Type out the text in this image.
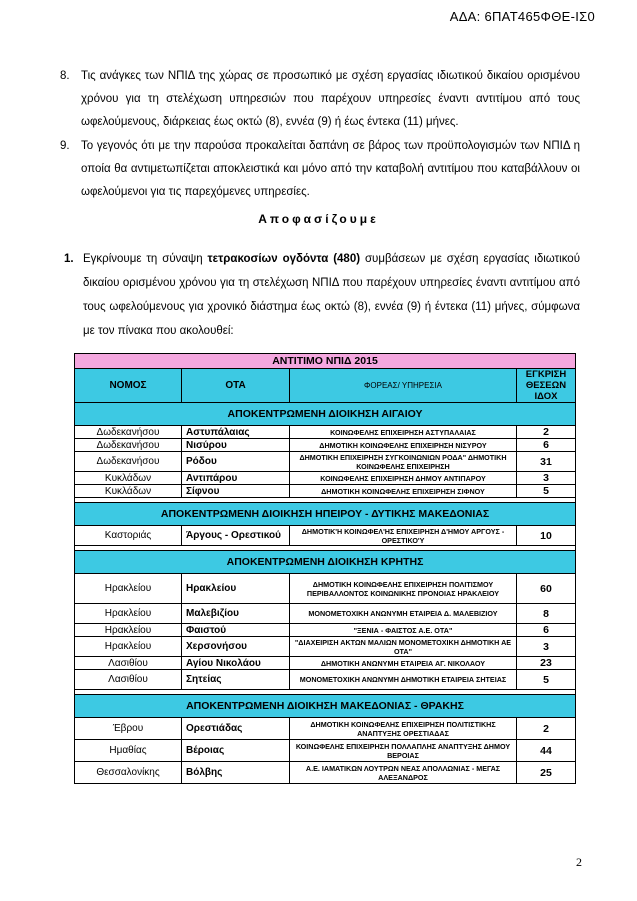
ΑΔΑ: 6ΠΑΤ465ΦΘΕ-ΙΣ0
8. Τις ανάγκες των ΝΠΙΔ της χώρας σε προσωπικό με σχέση εργασίας ιδιωτικού δικαίου ορισμένου χρόνου για τη στελέχωση υπηρεσιών που παρέχουν υπηρεσίες έναντι αντιτίμου από τους ωφελούμενους, διάρκειας έως οκτώ (8), εννέα (9) ή έως έντεκα (11) μήνες.
9. Το γεγονός ότι με την παρούσα προκαλείται δαπάνη σε βάρος των προϋπολογισμών των ΝΠΙΔ η οποία θα αντιμετωπίζεται αποκλειστικά και μόνο από την καταβολή αντιτίμου που καταβάλλουν οι ωφελούμενοι για τις παρεχόμενες υπηρεσίες.
Αποφασίζουμε
1. Εγκρίνουμε τη σύναψη τετρακοσίων ογδόντα (480) συμβάσεων με σχέση εργασίας ιδιωτικού δικαίου ορισμένου χρόνου για τη στελέχωση ΝΠΙΔ που παρέχουν υπηρεσίες έναντι αντιτίμου από τους ωφελούμενους για χρονικό διάστημα έως οκτώ (8), εννέα (9) ή έντεκα (11) μήνες, σύμφωνα με τον πίνακα που ακολουθεί:
ΑΝΤΙΤΙΜΟ ΝΠΙΔ 2015			
ΝΟΜΟΣ	ΟΤΑ	ΦΟΡΕΑΣ/ ΥΠΗΡΕΣΙΑ	ΕΓΚΡΙΣΗ ΘΕΣΕΩΝ ΙΔΟΧ
ΑΠΟΚΕΝΤΡΩΜΕΝΗ ΔΙΟΙΚΗΣΗ ΑΙΓΑΙΟΥ			
Δωδεκανήσου	Αστυπάλαιας	ΚΟΙΝΩΦΕΛΗΣ ΕΠΙΧΕΙΡΗΣΗ ΑΣΤΥΠΑΛΑΙΑΣ	2
Δωδεκανήσου	Νισύρου	ΔΗΜΟΤΙΚΗ ΚΟΙΝΩΦΕΛΗΣ ΕΠΙΧΕΙΡΗΣΗ ΝΙΣΥΡΟΥ	6
Δωδεκανήσου	Ρόδου	ΔΗΜΟΤΙΚΗ ΕΠΙΧΕΙΡΗΣΗ ΣΥΓΚΟΙΝΩΝΙΩΝ ΡΟΔΑ" ΔΗΜΟΤΙΚΗ ΚΟΙΝΩΦΕΛΗΣ ΕΠΙΧΕΙΡΗΣΗ	31
Κυκλάδων	Αντιπάρου	ΚΟΙΝΩΦΕΛΗΣ ΕΠΙΧΕΙΡΗΣΗ ΔΗΜΟΥ ΑΝΤΙΠΑΡΟΥ	3
Κυκλάδων	Σίφνου	ΔΗΜΟΤΙΚΗ ΚΟΙΝΩΦΕΛΗΣ ΕΠΙΧΕΙΡΗΣΗ ΣΙΦΝΟΥ	5

ΑΠΟΚΕΝΤΡΩΜΕΝΗ ΔΙΟΙΚΗΣΗ ΗΠΕΙΡΟΥ - ΔΥΤΙΚΗΣ ΜΑΚΕΔΟΝΙΑΣ			
Καστοριάς	Άργους - Ορεστικού	ΔΗΜΟΤΙΚ'Η ΚΟΙΝΩΦΕΛ'ΗΣ ΕΠΙΧΕΙΡΗΣΗ Δ'ΗΜΟΥ ΑΡΓΟΥΣ - ΟΡΕΣΤΙΚΟ'Υ	10

ΑΠΟΚΕΝΤΡΩΜΕΝΗ ΔΙΟΙΚΗΣΗ ΚΡΗΤΗΣ			
Ηρακλείου	Ηρακλείου	ΔΗΜΟΤΙΚΗ ΚΟΙΝΩΦΕΛΗΣ ΕΠΙΧΕΙΡΗΣΗ ΠΟΛΙΤΙΣΜΟΥ ΠΕΡΙΒΑΛΛΟΝΤΟΣ ΚΟΙΝΩΝΙΚΗΣ ΠΡΟΝΟΙΑΣ ΗΡΑΚΛΕΙΟΥ	60
Ηρακλείου	Μαλεβιζίου	ΜΟΝΟΜΕΤΟΧΙΚΗ ΑΝΩΝΥΜΗ ΕΤΑΙΡΕΙΑ Δ. ΜΑΛΕΒΙΖΙΟΥ	8
Ηρακλείου	Φαιστού	"ΞΕΝΙΑ - ΦΑΙΣΤΟΣ Α.Ε. ΟΤΑ"	6
Ηρακλείου	Χερσονήσου	"ΔΙΑΧΕΙΡΙΣΗ ΑΚΤΩΝ ΜΑΛΙΩΝ ΜΟΝΟΜΕΤΟΧΙΚΗ ΔΗΜΟΤΙΚΗ ΑΕ ΟΤΑ"	3
Λασιθίου	Αγίου Νικολάου	ΔΗΜΟΤΙΚΗ ΑΝΩΝΥΜΗ ΕΤΑΙΡΕΙΑ ΑΓ. ΝΙΚΟΛΑΟΥ	23
Λασιθίου	Σητείας	ΜΟΝΟΜΕΤΟΧΙΚΗ ΑΝΩΝΥΜΗ ΔΗΜΟΤΙΚΗ ΕΤΑΙΡΕΙΑ ΣΗΤΕΙΑΣ	5

ΑΠΟΚΕΝΤΡΩΜΕΝΗ ΔΙΟΙΚΗΣΗ ΜΑΚΕΔΟΝΙΑΣ - ΘΡΑΚΗΣ			
Έβρου	Ορεστιάδας	ΔΗΜΟΤΙΚΗ ΚΟΙΝΩΦΕΛΗΣ ΕΠΙΧΕΙΡΗΣΗ ΠΟΛΙΤΙΣΤΙΚΗΣ ΑΝΑΠΤΥΞΗΣ ΟΡΕΣΤΙΑΔΑΣ	2
Ημαθίας	Βέροιας	ΚΟΙΝΩΦΕΛΗΣ ΕΠΙΧΕΙΡΗΣΗ ΠΟΛΛΑΠΛΗΣ ΑΝΑΠΤΥΞΗΣ ΔΗΜΟΥ ΒΕΡΟΙΑΣ	44
Θεσσαλονίκης	Βόλβης	Α.Ε. ΙΑΜΑΤΙΚΩΝ ΛΟΥΤΡΩΝ ΝΕΑΣ ΑΠΟΛΛΩΝΙΑΣ - ΜΕΓΑΣ ΑΛΕΞΑΝΔΡΟΣ	25
2
